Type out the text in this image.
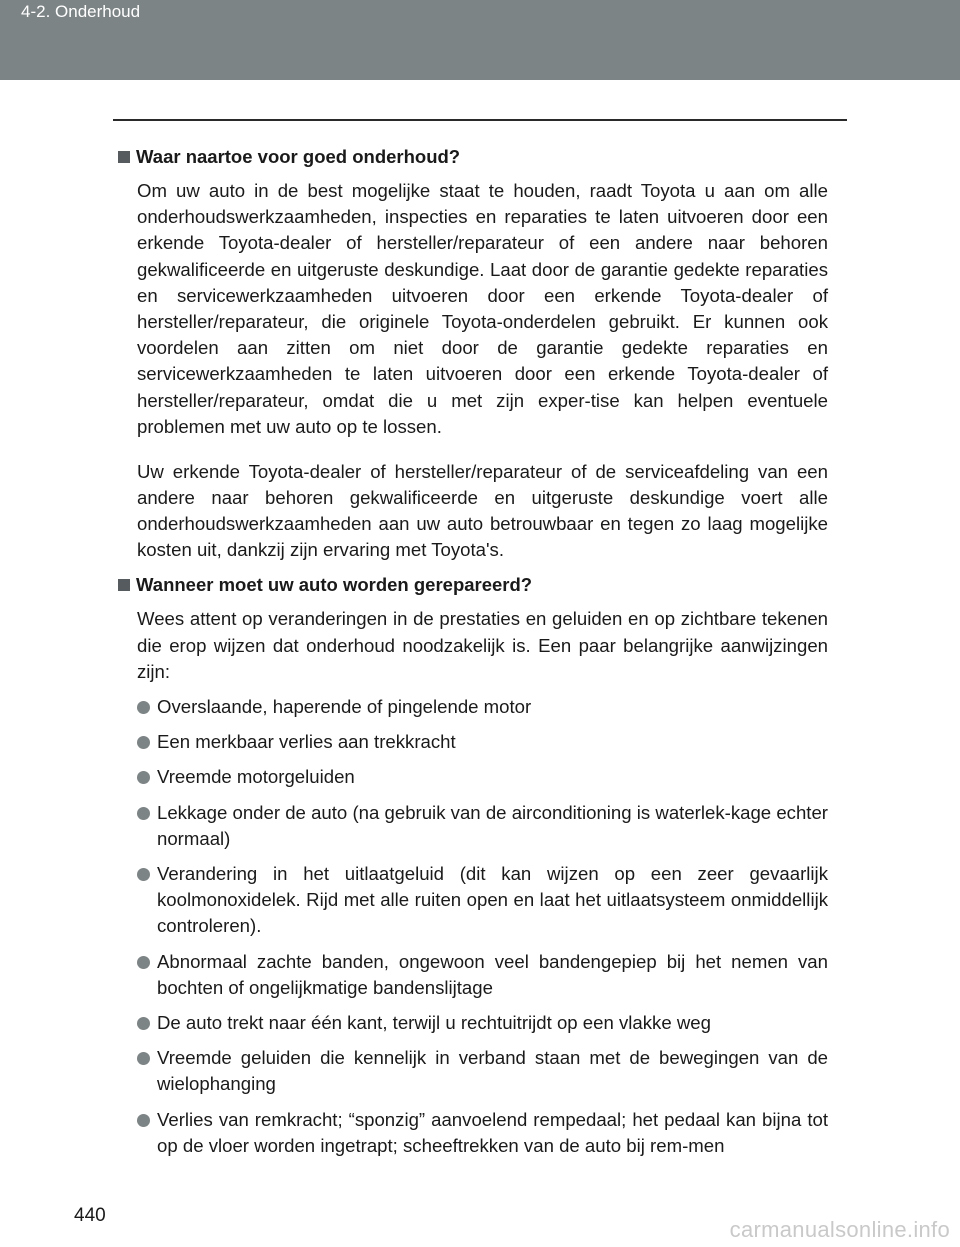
4-2. Onderhoud
Waar naartoe voor goed onderhoud?

Om uw auto in de best mogelijke staat te houden, raadt Toyota u aan om alle onderhoudswerkzaamheden, inspecties en reparaties te laten uitvoeren door een erkende Toyota-dealer of hersteller/reparateur of een andere naar behoren gekwalificeerde en uitgeruste deskundige. Laat door de garantie gedekte reparaties en servicewerkzaamheden uitvoeren door een erkende Toyota-dealer of hersteller/reparateur, die originele Toyota-onderdelen gebruikt. Er kunnen ook voordelen aan zitten om niet door de garantie gedekte reparaties en servicewerkzaamheden te laten uitvoeren door een erkende Toyota-dealer of hersteller/reparateur, omdat die u met zijn exper-tise kan helpen eventuele problemen met uw auto op te lossen.

Uw erkende Toyota-dealer of hersteller/reparateur of de serviceafdeling van een andere naar behoren gekwalificeerde en uitgeruste deskundige voert alle onderhoudswerkzaamheden aan uw auto betrouwbaar en tegen zo laag mogelijke kosten uit, dankzij zijn ervaring met Toyota's.

Wanneer moet uw auto worden gerepareerd?

Wees attent op veranderingen in de prestaties en geluiden en op zichtbare tekenen die erop wijzen dat onderhoud noodzakelijk is. Een paar belangrijke aanwijzingen zijn:

Overslaande, haperende of pingelende motor
Een merkbaar verlies aan trekkracht
Vreemde motorgeluiden
Lekkage onder de auto (na gebruik van de airconditioning is waterlek-kage echter normaal)
Verandering in het uitlaatgeluid (dit kan wijzen op een zeer gevaarlijk koolmonoxidelek. Rijd met alle ruiten open en laat het uitlaatsysteem onmiddellijk controleren).
Abnormaal zachte banden, ongewoon veel bandengepiep bij het nemen van bochten of ongelijkmatige bandenslijtage
De auto trekt naar één kant, terwijl u rechtuitrijdt op een vlakke weg
Vreemde geluiden die kennelijk in verband staan met de bewegingen van de wielophanging
Verlies van remkracht; “sponzig” aanvoelend rempedaal; het pedaal kan bijna tot op de vloer worden ingetrapt; scheeftrekken van de auto bij rem-men
440
carmanualsonline.info
